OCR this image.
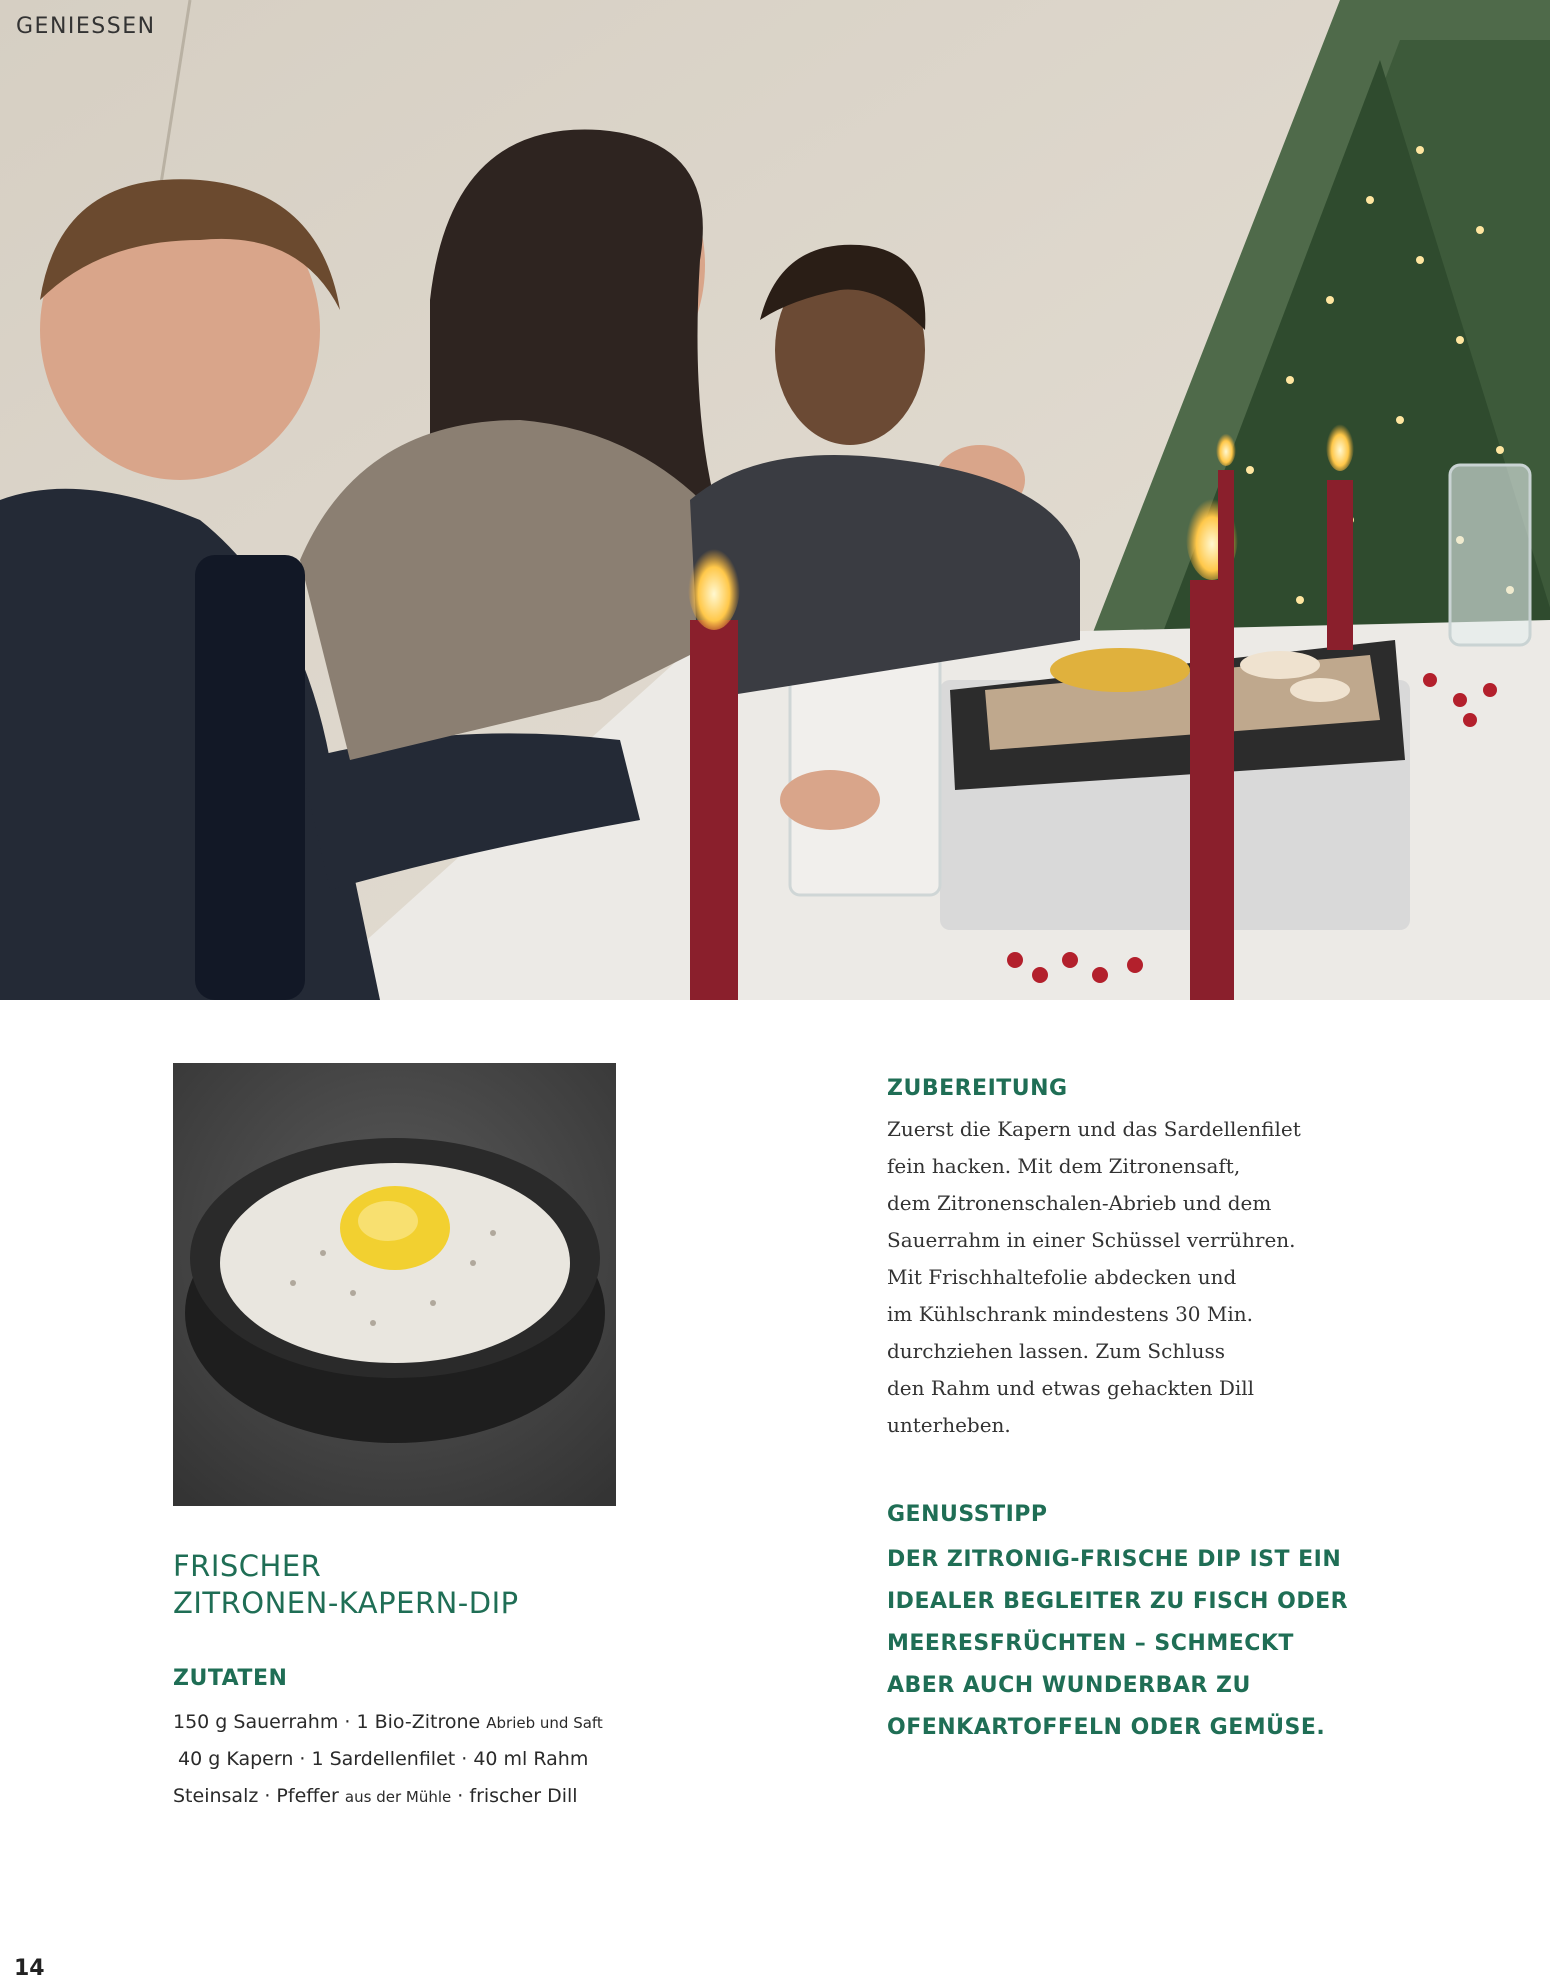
GENIESSEN
FRISCHER
ZITRONEN-KAPERN-DIP
ZUTATEN
150 g Sauerrahm · 1 Bio-Zitrone Abrieb und Saft
40 g Kapern · 1 Sardellenfilet · 40 ml Rahm
Steinsalz · Pfeffer aus der Mühle · frischer Dill
ZUBEREITUNG
Zuerst die Kapern und das Sardellenfilet
fein hacken. Mit dem Zitronensaft,
dem Zitronenschalen-Abrieb und dem
Sauerrahm in einer Schüssel verrühren.
Mit Frischhaltefolie abdecken und
im Kühlschrank mindestens 30 Min.
durchziehen lassen. Zum Schluss
den Rahm und etwas gehackten Dill
unterheben.
GENUSSTIPP
DER ZITRONIG-FRISCHE DIP IST EIN
IDEALER BEGLEITER ZU FISCH ODER
MEERESFRÜCHTEN – SCHMECKT
ABER AUCH WUNDERBAR ZU
OFENKARTOFFELN ODER GEMÜSE.
14
